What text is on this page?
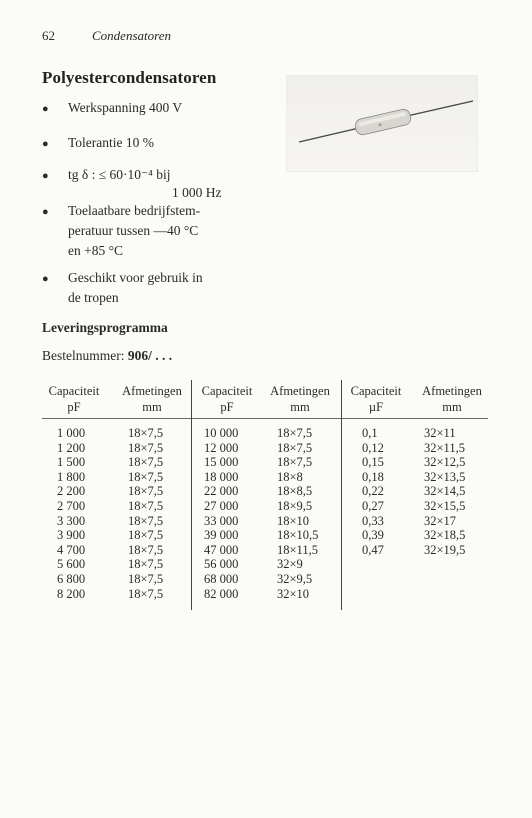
62	Condensatoren
Polyestercondensatoren
● Werkspanning 400 V
● Tolerantie 10 %
● tg δ : ≤ 60·10⁻⁴ bij
1 000 Hz
● Toelaatbare bedrijfstem-
peratuur tussen —40 °C
en +85 °C
● Geschikt voor gebruik in
de tropen
+
Leveringsprogramma
Bestelnummer: 906/ . . .
Capaciteit
pF
Afmetingen
mm
Capaciteit
pF
Afmetingen
mm
Capaciteit
µF
Afmetingen
mm
1 000
1 200
1 500
1 800
2 200
2 700
3 300
3 900
4 700
5 600
6 800
8 200
18×7,5
18×7,5
18×7,5
18×7,5
18×7,5
18×7,5
18×7,5
18×7,5
18×7,5
18×7,5
18×7,5
18×7,5
10 000
12 000
15 000
18 000
22 000
27 000
33 000
39 000
47 000
56 000
68 000
82 000
18×7,5
18×7,5
18×7,5
18×8
18×8,5
18×9,5
18×10
18×10,5
18×11,5
32×9
32×9,5
32×10
0,1
0,12
0,15
0,18
0,22
0,27
0,33
0,39
0,47
32×11
32×11,5
32×12,5
32×13,5
32×14,5
32×15,5
32×17
32×18,5
32×19,5
